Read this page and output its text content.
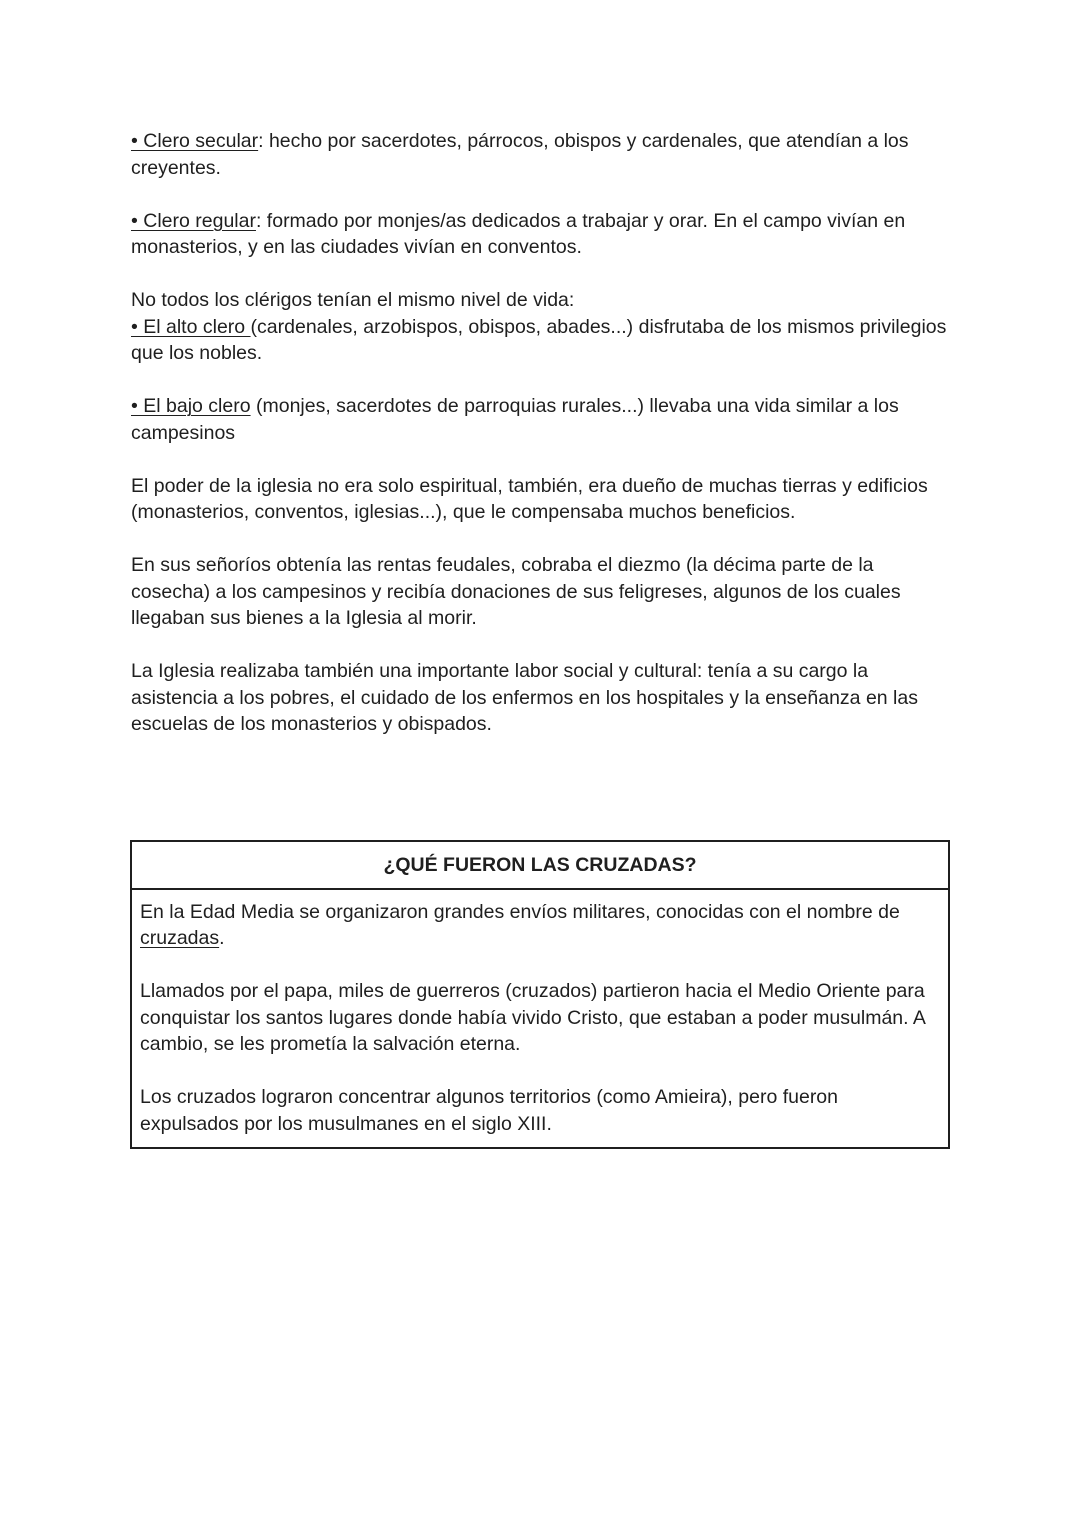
• Clero secular: hecho por sacerdotes, párrocos, obispos y cardenales, que atendían a los creyentes.

• Clero regular: formado por monjes/as dedicados a trabajar y orar. En el campo vivían en monasterios, y en las ciudades vivían en conventos.

No todos los clérigos tenían el mismo nivel de vida:

• El alto clero (cardenales, arzobispos, obispos, abades...) disfrutaba de los mismos privilegios que los nobles.

• El bajo clero (monjes, sacerdotes de parroquias rurales...) llevaba una vida similar a los campesinos

El poder de la iglesia no era solo espiritual, también, era dueño de muchas tierras y edificios (monasterios, conventos, iglesias...), que le compensaba muchos beneficios.

En sus señoríos obtenía las rentas feudales, cobraba el diezmo (la décima parte de la cosecha) a los campesinos y recibía donaciones de sus feligreses, algunos de los cuales llegaban sus bienes a la Iglesia al morir.

La Iglesia realizaba también una importante labor social y cultural: tenía a su cargo la asistencia a los pobres, el cuidado de los enfermos en los hospitales y la enseñanza en las escuelas de los monasterios y obispados.

¿QUÉ FUERON LAS CRUZADAS?

En la Edad Media se organizaron grandes envíos militares, conocidas con el nombre de cruzadas.

Llamados por el papa, miles de guerreros (cruzados) partieron hacia el Medio Oriente para conquistar los santos lugares donde había vivido Cristo, que estaban a poder musulmán. A cambio, se les prometía la salvación eterna.

Los cruzados lograron concentrar algunos territorios (como Amieira), pero fueron expulsados por los musulmanes en el siglo XIII.
